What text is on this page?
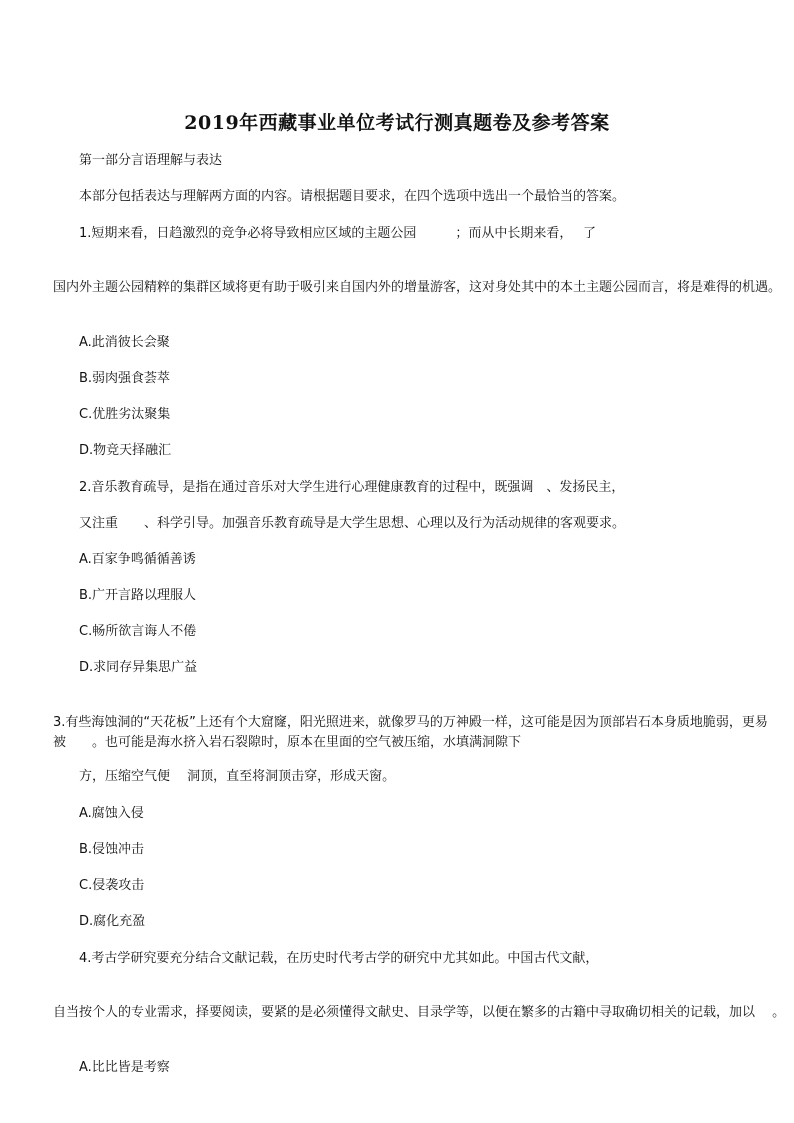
2019年西藏事业单位考试行测真题卷及参考答案
第一部分言语理解与表达
本部分包括表达与理解两方面的内容。请根据题目要求，在四个选项中选出一个最恰当的答案。
1.短期来看，日趋激烈的竞争必将导致相应区域的主题公园　　　；而从中长期来看，　 了
国内外主题公园精粹的集群区域将更有助于吸引来自国内外的增量游客，这对身处其中的本土主题公园而言，将是难得的机遇。
A.此消彼长会聚
B.弱肉强食荟萃
C.优胜劣汰聚集
D.物竞天择融汇
2.音乐教育疏导，是指在通过音乐对大学生进行心理健康教育的过程中，既强调　、发扬民主，
又注重　　、科学引导。加强音乐教育疏导是大学生思想、心理以及行为活动规律的客观要求。
A.百家争鸣循循善诱
B.广开言路以理服人
C.畅所欲言诲人不倦
D.求同存异集思广益
3.有些海蚀洞的“天花板”上还有个大窟窿，阳光照进来，就像罗马的万神殿一样，这可能是因为顶部岩石本身质地脆弱，更易被　　。也可能是海水挤入岩石裂隙时，原本在里面的空气被压缩，水填满洞隙下
方，压缩空气便　 洞顶，直至将洞顶击穿，形成天窗。
A.腐蚀入侵
B.侵蚀冲击
C.侵袭攻击
D.腐化充盈
4.考古学研究要充分结合文献记载，在历史时代考古学的研究中尤其如此。中国古代文献，
自当按个人的专业需求，择要阅读，要紧的是必须懂得文献史、目录学等，以便在繁多的古籍中寻取确切相关的记载，加以　 。
A.比比皆是考察
